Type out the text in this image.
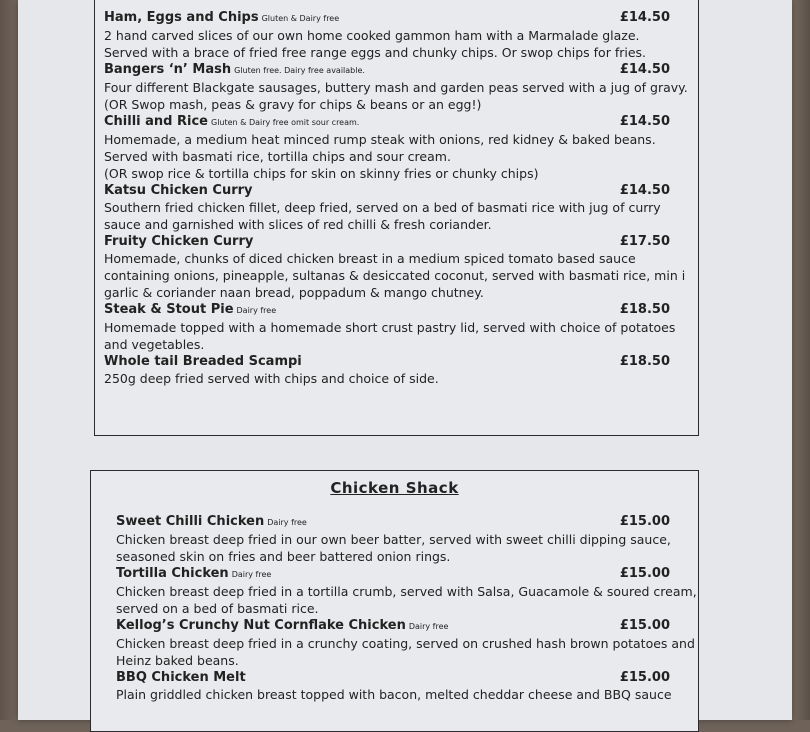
Ham, Eggs and Chips Gluten & Dairy free	£14.50
2 hand carved slices of our own home cooked gammon ham with a Marmalade glaze.
Served with a brace of fried free range eggs and chunky chips. Or swop chips for fries.
Bangers ‘n’ Mash Gluten free. Dairy free available.	£14.50
Four different Blackgate sausages, buttery mash and garden peas served with a jug of gravy.
(OR Swop mash, peas & gravy for chips & beans or an egg!)
Chilli and Rice Gluten & Dairy free omit sour cream.	£14.50
Homemade, a medium heat minced rump steak with onions, red kidney & baked beans.
Served with basmati rice, tortilla chips and sour cream.
(OR swop rice & tortilla chips for skin on skinny fries or chunky chips)
Katsu Chicken Curry	£14.50
Southern fried chicken fillet, deep fried, served on a bed of basmati rice with jug of curry
sauce and garnished with slices of red chilli & fresh coriander.
Fruity Chicken Curry	£17.50
Homemade, chunks of diced chicken breast in a medium spiced tomato based sauce
containing onions, pineapple, sultanas & desiccated coconut, served with basmati rice, min i
garlic & coriander naan bread, poppadum & mango chutney.
Steak & Stout Pie Dairy free	£18.50
Homemade topped with a homemade short crust pastry lid, served with choice of potatoes
and vegetables.
Whole tail Breaded Scampi	£18.50
250g deep fried served with chips and choice of side.
Chicken Shack
Sweet Chilli Chicken Dairy free	£15.00
Chicken breast deep fried in our own beer batter, served with sweet chilli dipping sauce,
seasoned skin on fries and beer battered onion rings.
Tortilla Chicken Dairy free	£15.00
Chicken breast deep fried in a tortilla crumb, served with Salsa, Guacamole & soured cream,
served on a bed of basmati rice.
Kellog’s Crunchy Nut Cornflake Chicken Dairy free	£15.00
Chicken breast deep fried in a crunchy coating, served on crushed hash brown potatoes and
Heinz baked beans.
BBQ Chicken Melt	£15.00
Plain griddled chicken breast topped with bacon, melted cheddar cheese and BBQ sauce
